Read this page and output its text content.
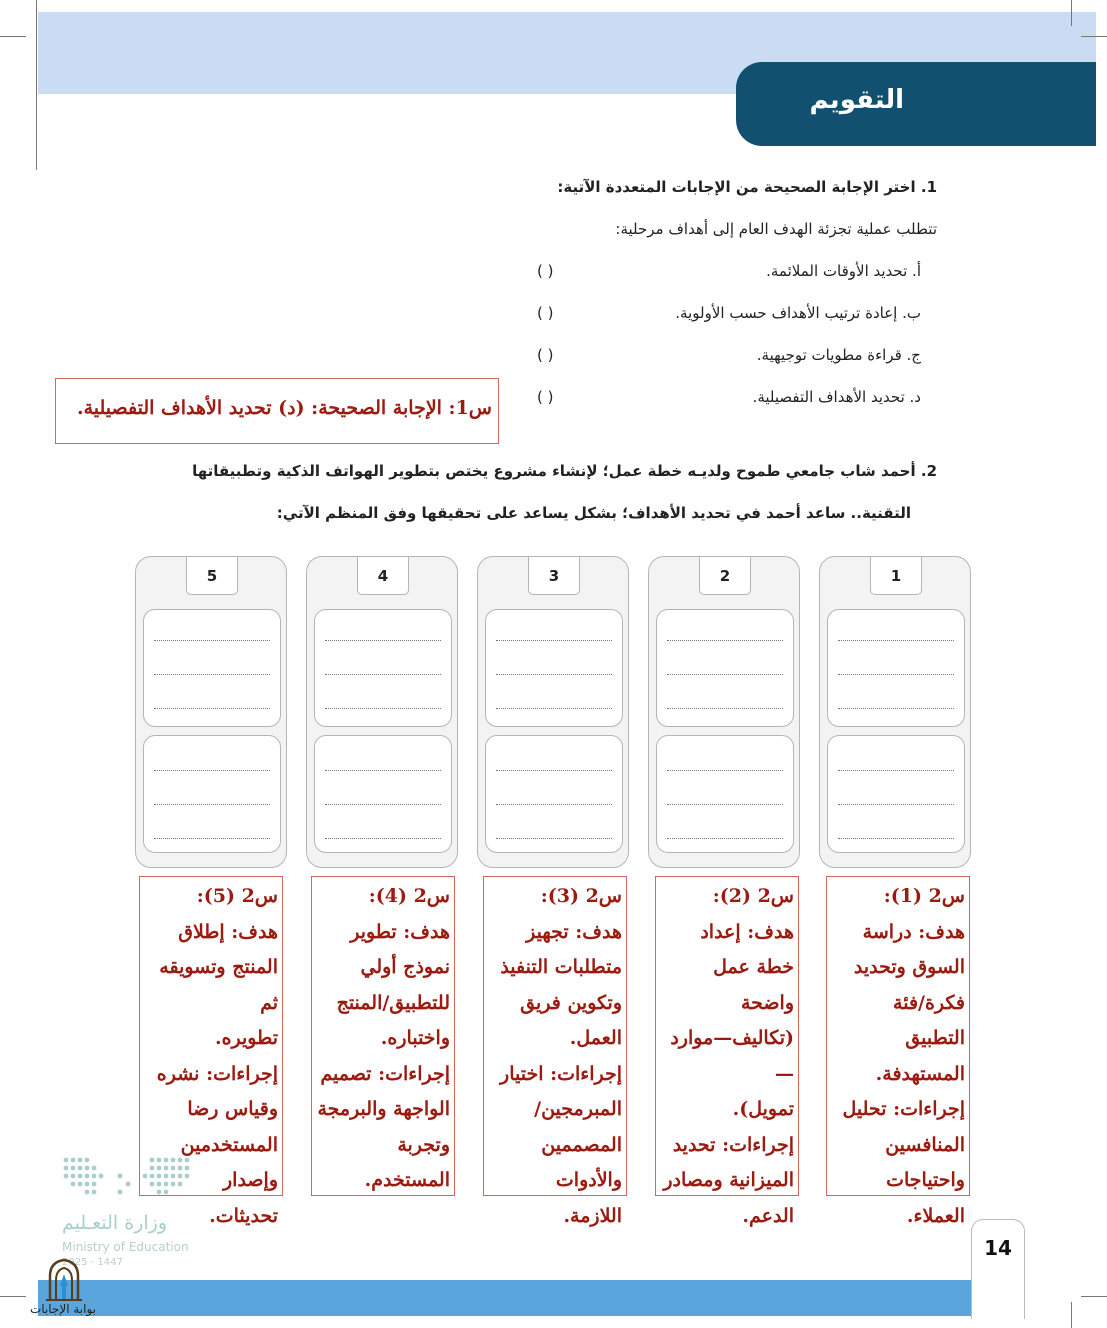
التقويم
1. اختر الإجابة الصحيحة من الإجابات المتعددة الآتية:
تتطلب عملية تجزئة الهدف العام إلى أهداف مرحلية:
أ. تحديد الأوقات الملائمة.
( )
ب. إعادة ترتيب الأهداف حسب الأولوية.
( )
ج. قراءة مطويات توجيهية.
( )
د. تحديد الأهداف التفصيلية.
( )
س1: الإجابة الصحيحة: (د) تحديد الأهداف التفصيلية.
2. أحمد شاب جامعي طموح ولديـه خطة عمل؛ لإنشاء مشروع يختص بتطوير الهواتف الذكية وتطبيقاتها
التقنية.. ساعد أحمد في تحديد الأهداف؛ بشكل يساعد على تحقيقها وفق المنظم الآتي:
1
2
3
4
5
س2 (1):
هدف: دراسة
السوق وتحديد
فكرة/فئة التطبيق
المستهدفة.
إجراءات: تحليل
المنافسين
واحتياجات
العملاء.
س2 (2):
هدف: إعداد
خطة عمل
واضحة
(تكاليف—موارد—
تمويل).
إجراءات: تحديد
الميزانية ومصادر
الدعم.
س2 (3):
هدف: تجهيز
متطلبات التنفيذ
وتكوين فريق
العمل.
إجراءات: اختيار
المبرمجين/المصممين
والأدوات
اللازمة.
س2 (4):
هدف: تطوير
نموذج أولي
للتطبيق/المنتج
واختباره.
إجراءات: تصميم
الواجهة والبرمجة
وتجربة المستخدم.
س2 (5):
هدف: إطلاق
المنتج وتسويقه ثم
تطويره.
إجراءات: نشره
وقياس رضا
المستخدمين
وإصدار
تحديثات.
وزارة التعـليم
Ministry of Education
2025 - 1447
بوابة الإجابات
14
